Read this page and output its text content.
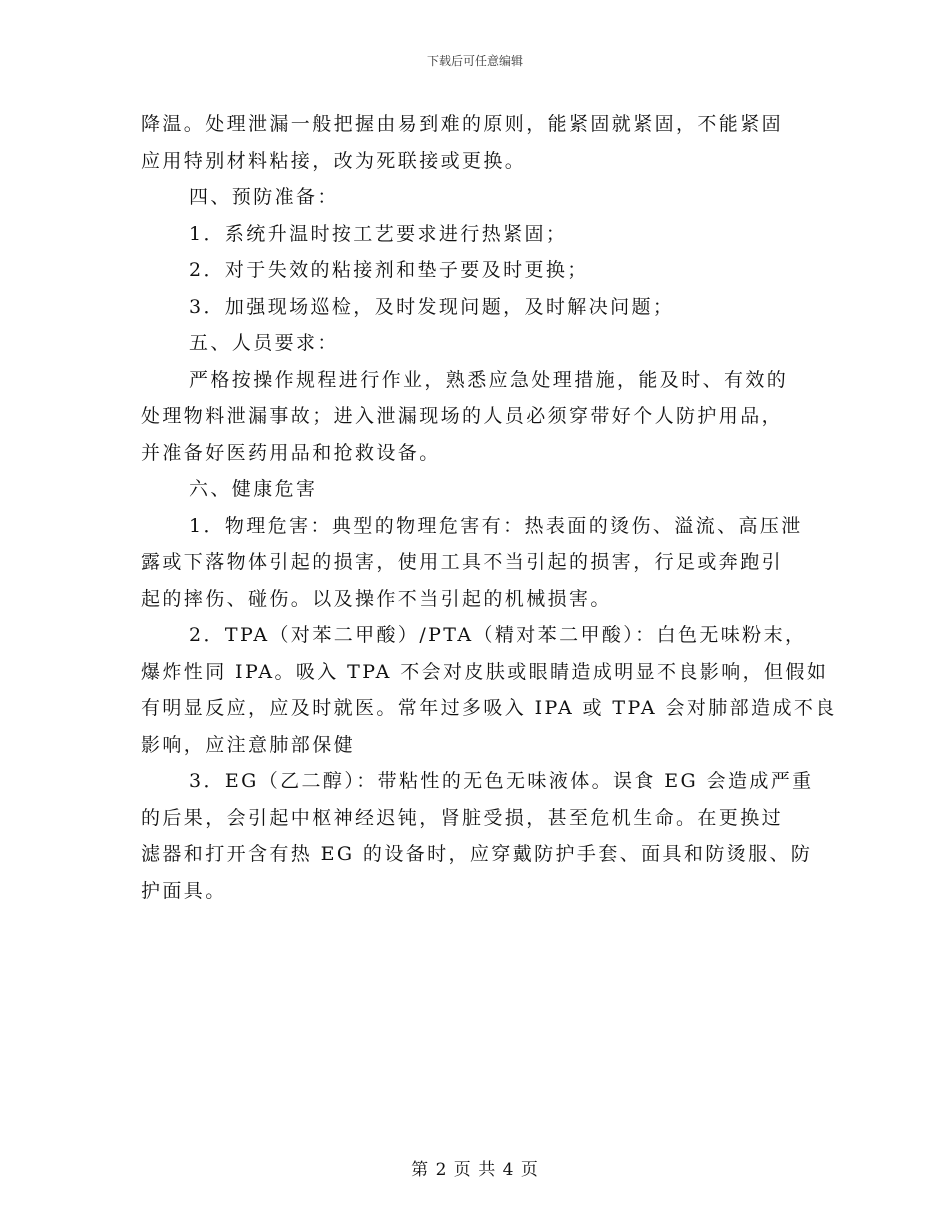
下载后可任意编辑

降温。处理泄漏一般把握由易到难的原则，能紧固就紧固，不能紧固

应用特别材料粘接，改为死联接或更换。

四、预防准备：

1．系统升温时按工艺要求进行热紧固；

2．对于失效的粘接剂和垫子要及时更换；

3．加强现场巡检，及时发现问题，及时解决问题；

五、人员要求：

严格按操作规程进行作业，熟悉应急处理措施，能及时、有效的

处理物料泄漏事故；进入泄漏现场的人员必须穿带好个人防护用品，

并准备好医药用品和抢救设备。

六、健康危害

1．物理危害：典型的物理危害有：热表面的烫伤、溢流、高压泄

露或下落物体引起的损害，使用工具不当引起的损害，行足或奔跑引

起的摔伤、碰伤。以及操作不当引起的机械损害。

2．TPA（对苯二甲酸）/PTA（精对苯二甲酸）：白色无味粉末，

爆炸性同 IPA。吸入 TPA 不会对皮肤或眼睛造成明显不良影响，但假如

有明显反应，应及时就医。常年过多吸入 IPA 或 TPA 会对肺部造成不良

影响，应注意肺部保健

3．EG（乙二醇）：带粘性的无色无味液体。误食 EG 会造成严重

的后果，会引起中枢神经迟钝，肾脏受损，甚至危机生命。在更换过

滤器和打开含有热 EG 的设备时，应穿戴防护手套、面具和防烫服、防

护面具。

第 2 页 共 4 页
